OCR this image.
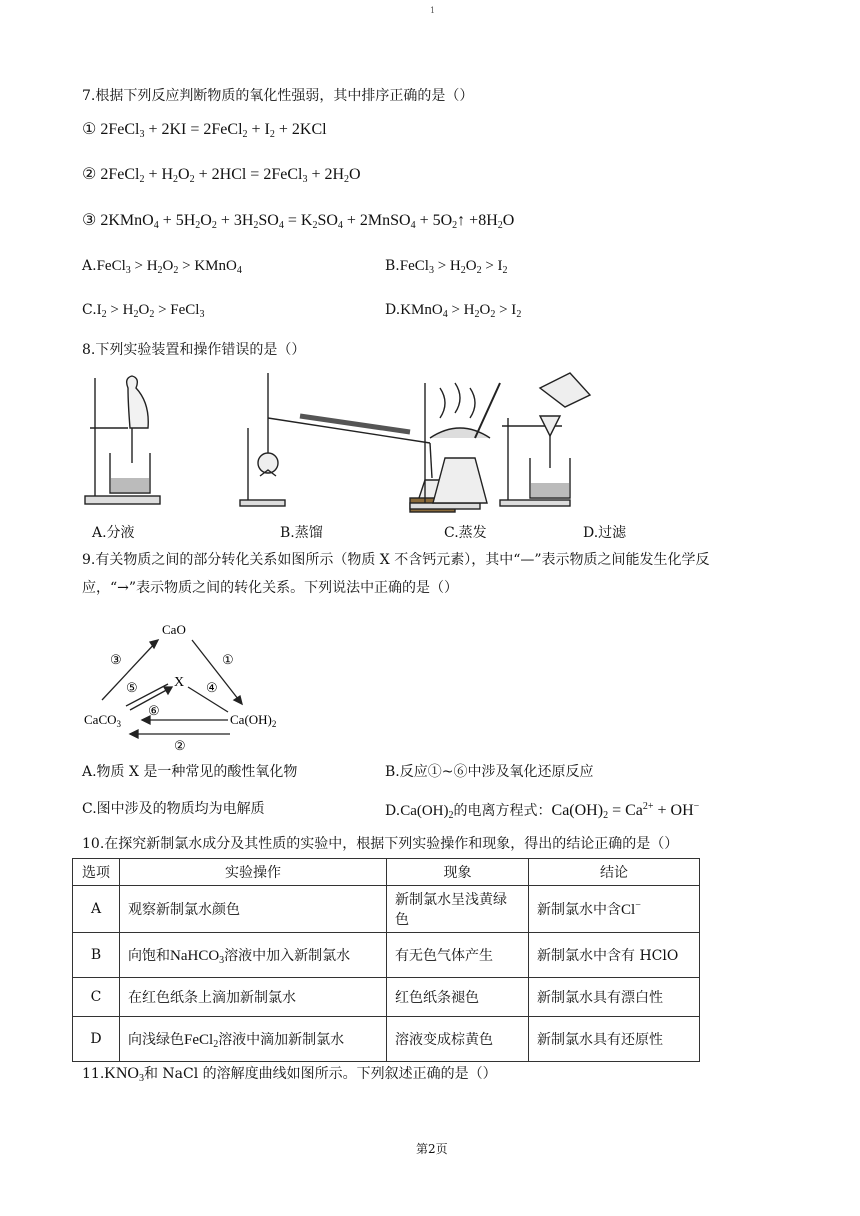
1
7.根据下列反应判断物质的氧化性强弱，其中排序正确的是（）
① 2FeCl$_3$ + 2KI = 2FeCl$_2$ + $I_2 + 2KCl$
② 2FeCl$_2$ + $H_2O_2 + 2HCl$ = 2FeCl$_3$ + $2H_2O$
③ 2KMnO$_4$ + $5H_2O_2 + 3H_2SO_4 = K_2SO_4$ + 2MnSO$_4$ + $5O_2↑ +8H_2O$
A.FeCl$_3$ > $H_2O_2$ > KMnO$_4$	B.FeCl$_3$ > $H_2O_2 > I_2$
$C.I_2 > H_2O_2$ > FeCl$_3$	D.KMnO$_4$ > $H_2O_2 > I_2$
8.下列实验装置和操作错误的是（）
A.分液	B.蒸馏	C.蒸发	D.过滤
9.有关物质之间的部分转化关系如图所示（物质 X 不含钙元素），其中“—”表示物质之间能发生化学反
应，“→”表示物质之间的转化关系。下列说法中正确的是（）
CaO
X
CaCO$_3$	$Ca(OH)_2$
③	①
⑤	④
⑥
②
A.物质 X 是一种常见的酸性氧化物	B.反应①~⑥中涉及氧化还原反应
C.图中涉及的物质均为电解质	$D.Ca(OH)_2$的电离方程式：$Ca(OH)_2 = Ca^{2+} + OH^-$
10.在探究新制氯水成分及其性质的实验中，根据下列实验操作和现象，得出的结论正确的是（）
选项	实验操作	现象	结论
A	观察新制氯水颜色	新制氯水呈浅黄绿色	新制氯水中含Cl−
B	向饱和NaHCO$_3$溶液中加入新制氯水	有无色气体产生	新制氯水中含有 HClO
C	在红色纸条上滴加新制氯水	红色纸条褪色	新制氯水具有漂白性
D	向浅绿色FeCl$_2$溶液中滴加新制氯水	溶液变成棕黄色	新制氯水具有还原性
$11.KNO_3$和 NaCl 的溶解度曲线如图所示。下列叙述正确的是（）
第2页
